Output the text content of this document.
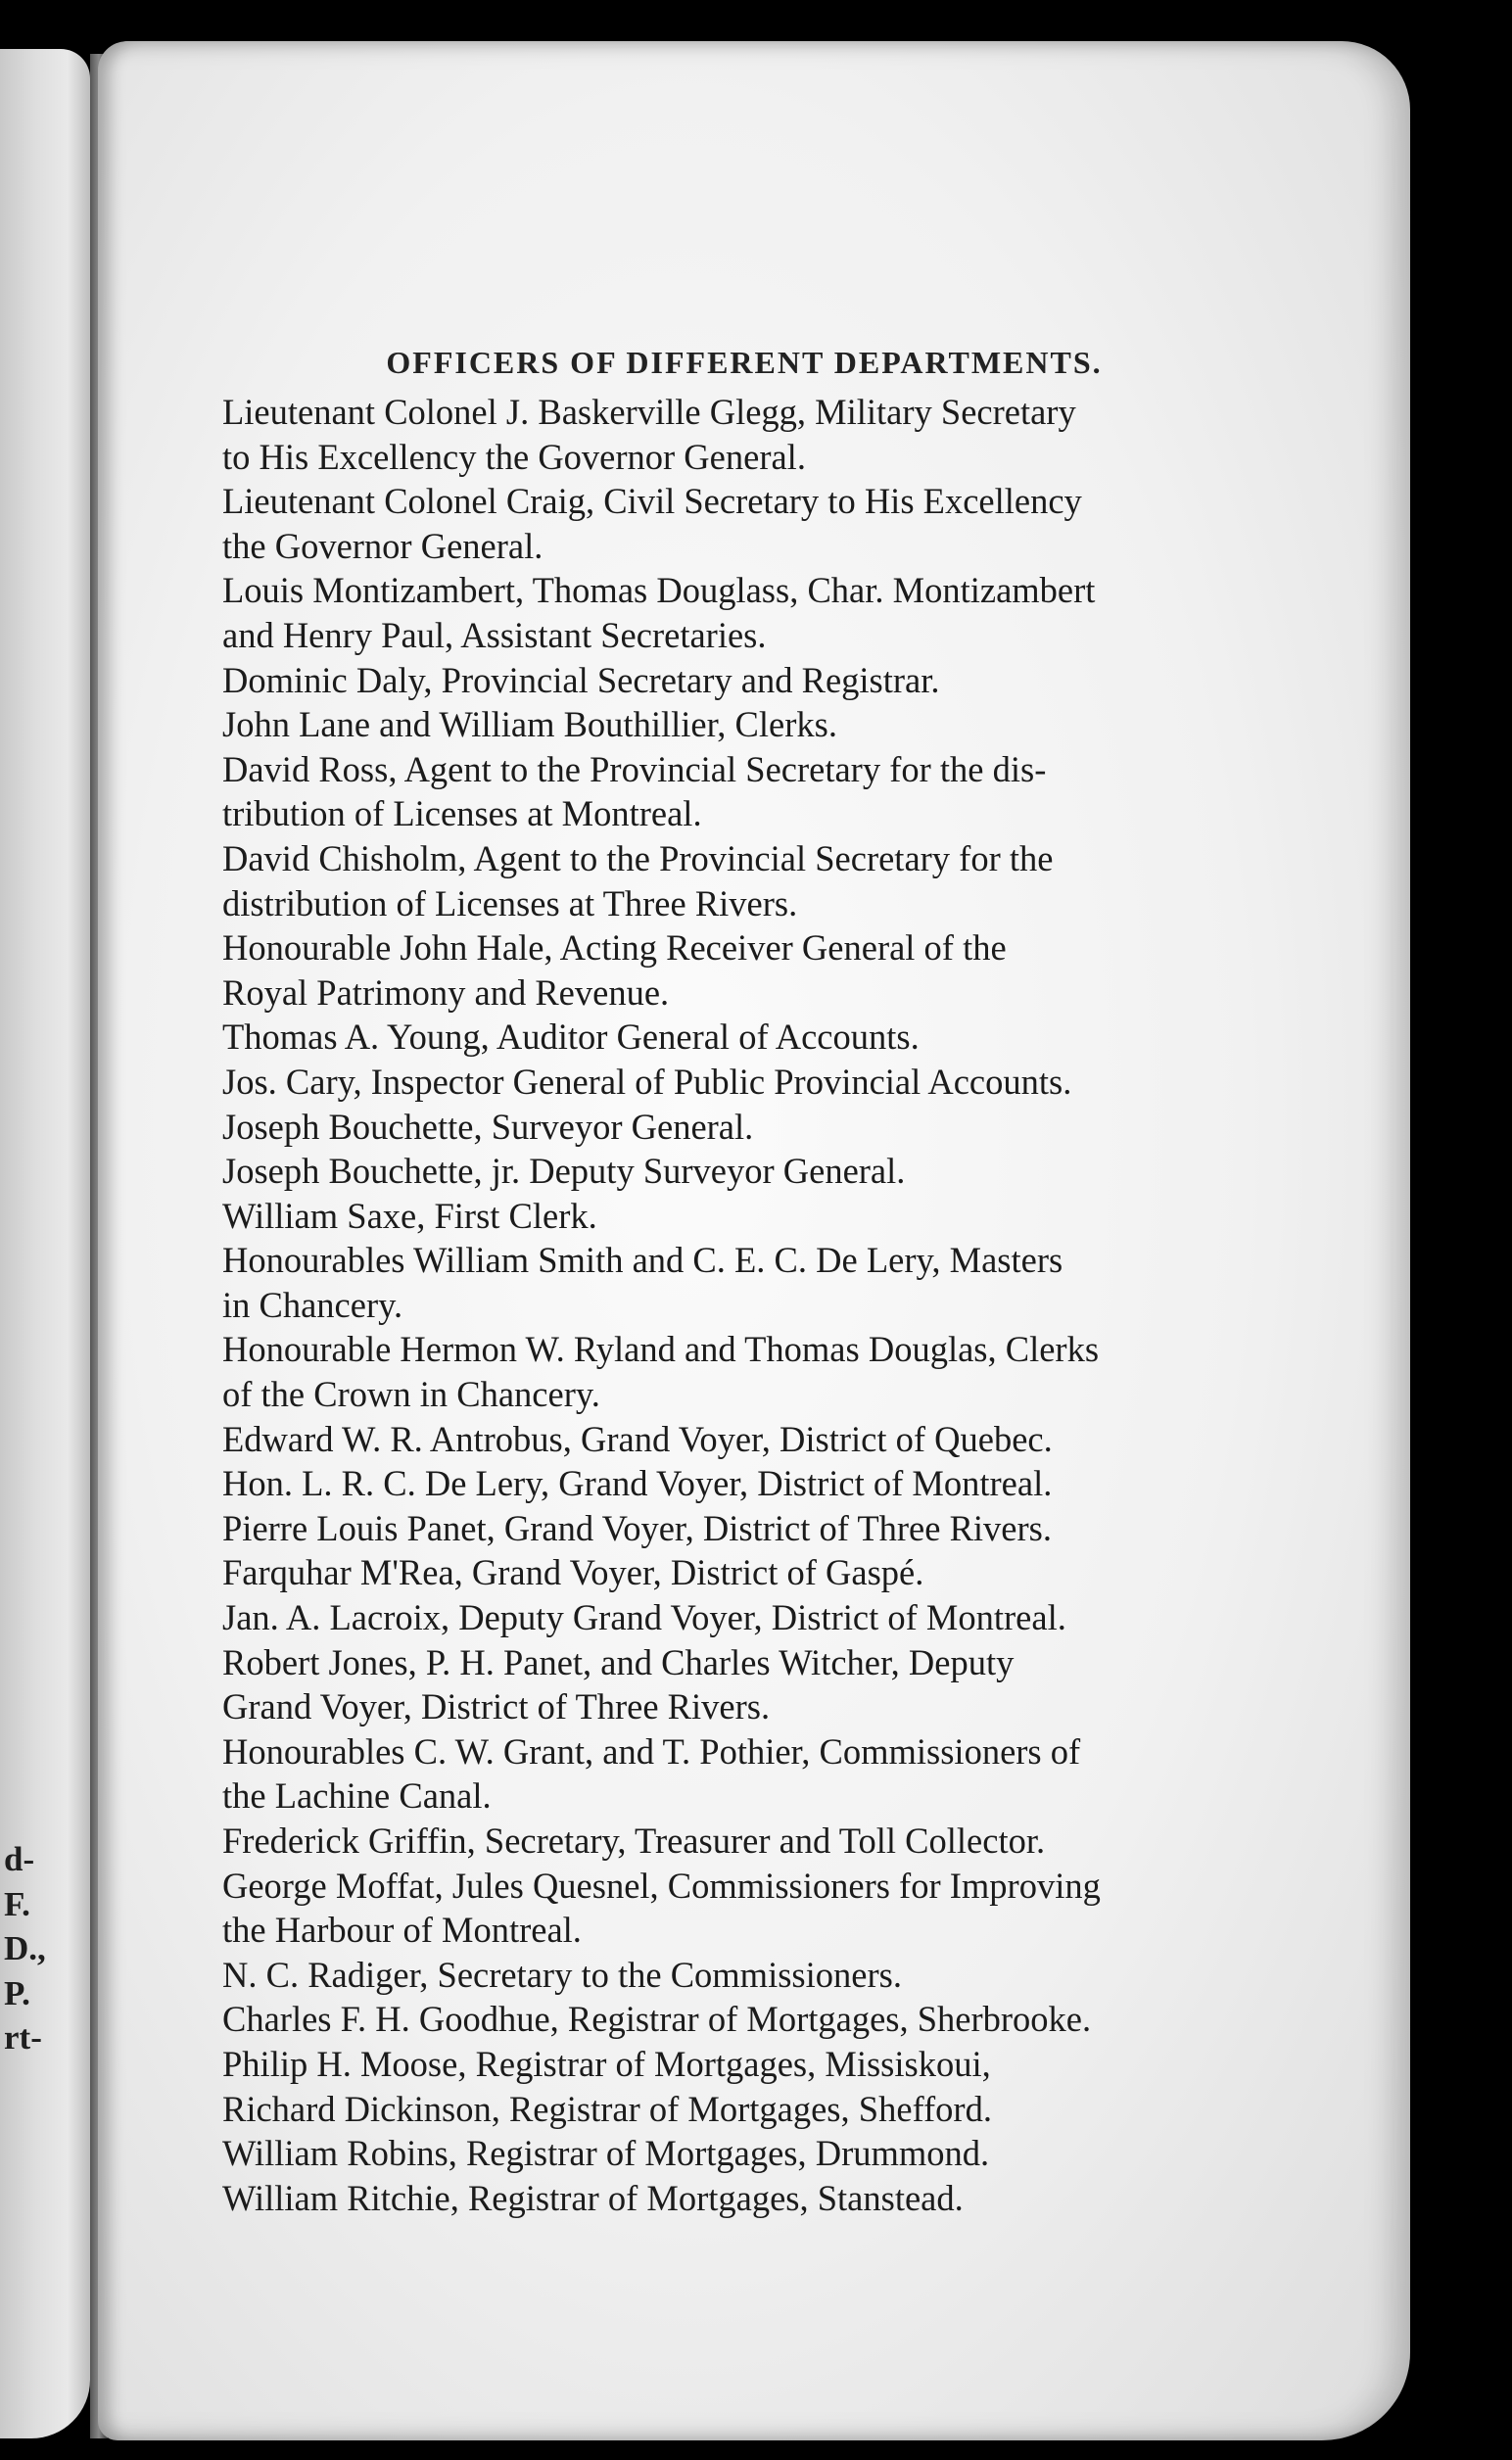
d-
F.
D.,
P.
rt-
OFFICERS OF DIFFERENT DEPARTMENTS.
Lieutenant Colonel J. Baskerville Glegg, Military Secretary
to His Excellency the Governor General.
Lieutenant Colonel Craig, Civil Secretary to His Excellency
the Governor General.
Louis Montizambert, Thomas Douglass, Char. Montizambert
and Henry Paul, Assistant Secretaries.
Dominic Daly, Provincial Secretary and Registrar.
John Lane and William Bouthillier, Clerks.
David Ross, Agent to the Provincial Secretary for the dis-
tribution of Licenses at Montreal.
David Chisholm, Agent to the Provincial Secretary for the
distribution of Licenses at Three Rivers.
Honourable John Hale, Acting Receiver General of the
Royal Patrimony and Revenue.
Thomas A. Young, Auditor General of Accounts.
Jos. Cary, Inspector General of Public Provincial Accounts.
Joseph Bouchette, Surveyor General.
Joseph Bouchette, jr. Deputy Surveyor General.
William Saxe, First Clerk.
Honourables William Smith and C. E. C. De Lery, Masters
in Chancery.
Honourable Hermon W. Ryland and Thomas Douglas, Clerks
of the Crown in Chancery.
Edward W. R. Antrobus, Grand Voyer, District of Quebec.
Hon. L. R. C. De Lery, Grand Voyer, District of Montreal.
Pierre Louis Panet, Grand Voyer, District of Three Rivers.
Farquhar M'Rea, Grand Voyer, District of Gaspé.
Jan. A. Lacroix, Deputy Grand Voyer, District of Montreal.
Robert Jones, P. H. Panet, and Charles Witcher, Deputy
Grand Voyer, District of Three Rivers.
Honourables C. W. Grant, and T. Pothier, Commissioners of
the Lachine Canal.
Frederick Griffin, Secretary, Treasurer and Toll Collector.
George Moffat, Jules Quesnel, Commissioners for Improving
the Harbour of Montreal.
N. C. Radiger, Secretary to the Commissioners.
Charles F. H. Goodhue, Registrar of Mortgages, Sherbrooke.
Philip H. Moose, Registrar of Mortgages, Missiskoui,
Richard Dickinson, Registrar of Mortgages, Shefford.
William Robins, Registrar of Mortgages, Drummond.
William Ritchie, Registrar of Mortgages, Stanstead.
